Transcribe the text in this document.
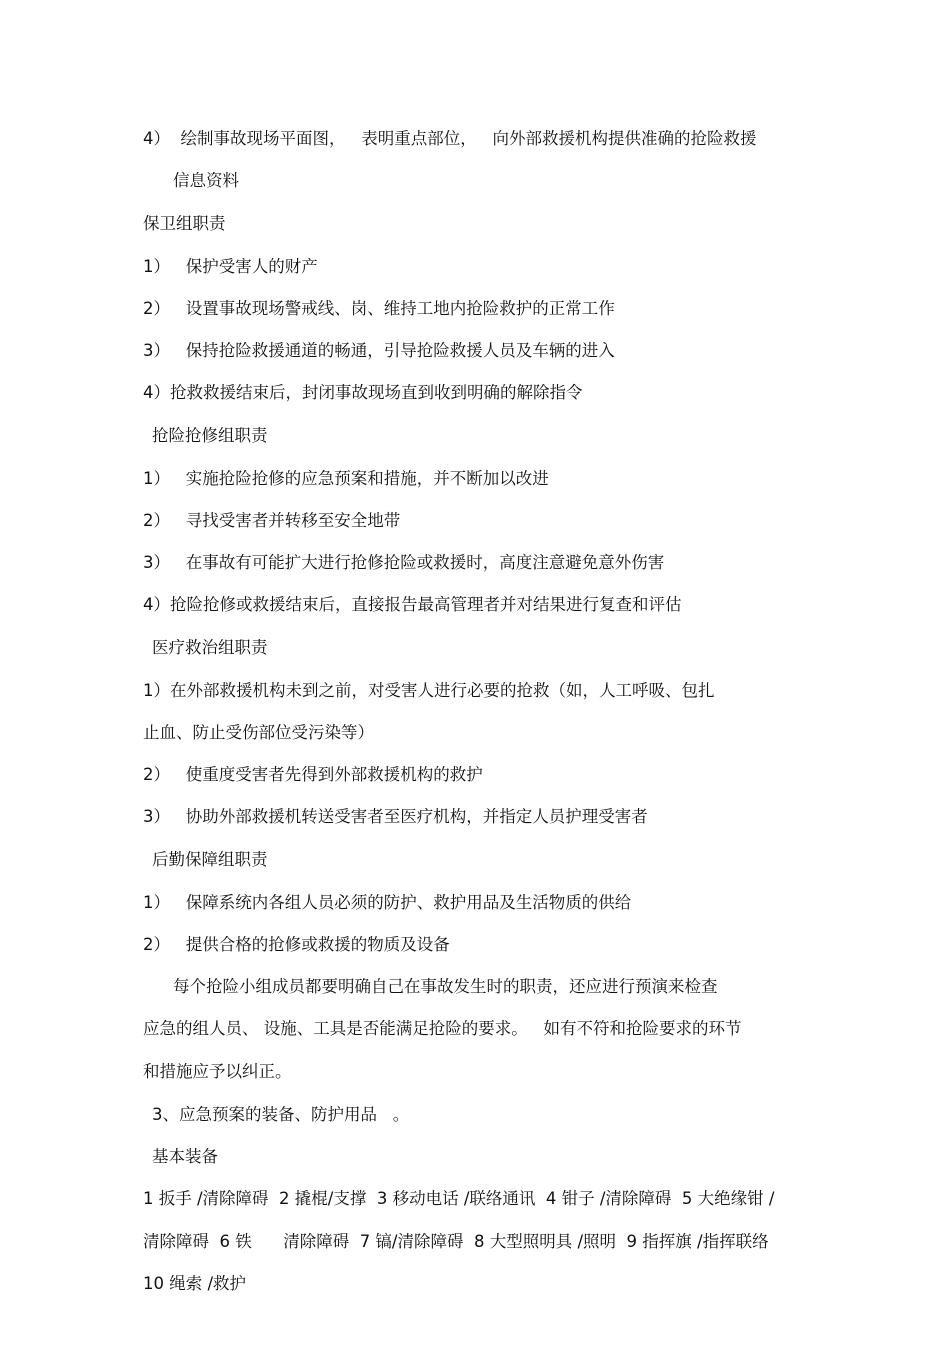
4）  绘制事故现场平面图，   表明重点部位，   向外部救援机构提供准确的抢险救援
信息资料
保卫组职责
1）   保护受害人的财产
2）   设置事故现场警戒线、岗、维持工地内抢险救护的正常工作
3）   保持抢险救援通道的畅通，引导抢险救援人员及车辆的进入
4）抢救救援结束后，封闭事故现场直到收到明确的解除指令
抢险抢修组职责
1）   实施抢险抢修的应急预案和措施，并不断加以改进
2）   寻找受害者并转移至安全地带
3）   在事故有可能扩大进行抢修抢险或救援时，高度注意避免意外伤害
4）抢险抢修或救援结束后，直接报告最高管理者并对结果进行复查和评估
医疗救治组职责
1）在外部救援机构未到之前，对受害人进行必要的抢救（如，人工呼吸、包扎
止血、防止受伤部位受污染等）
2）   使重度受害者先得到外部救援机构的救护
3）   协助外部救援机转送受害者至医疗机构，并指定人员护理受害者
后勤保障组职责
1）   保障系统内各组人员必须的防护、救护用品及生活物质的供给
2）   提供合格的抢修或救援的物质及设备
每个抢险小组成员都要明确自己在事故发生时的职责，还应进行预演来检查
应急的组人员、 设施、工具是否能满足抢险的要求。   如有不符和抢险要求的环节
和措施应予以纠正。
3、应急预案的装备、防护用品   。
基本装备
1 扳手 /清除障碍  2 撬棍/支撑  3 移动电话 /联络通讯  4 钳子 /清除障碍  5 大绝缘钳 /
清除障碍  6 铁      清除障碍  7 镐/清除障碍  8 大型照明具 /照明  9 指挥旗 /指挥联络
10 绳索 /救护
